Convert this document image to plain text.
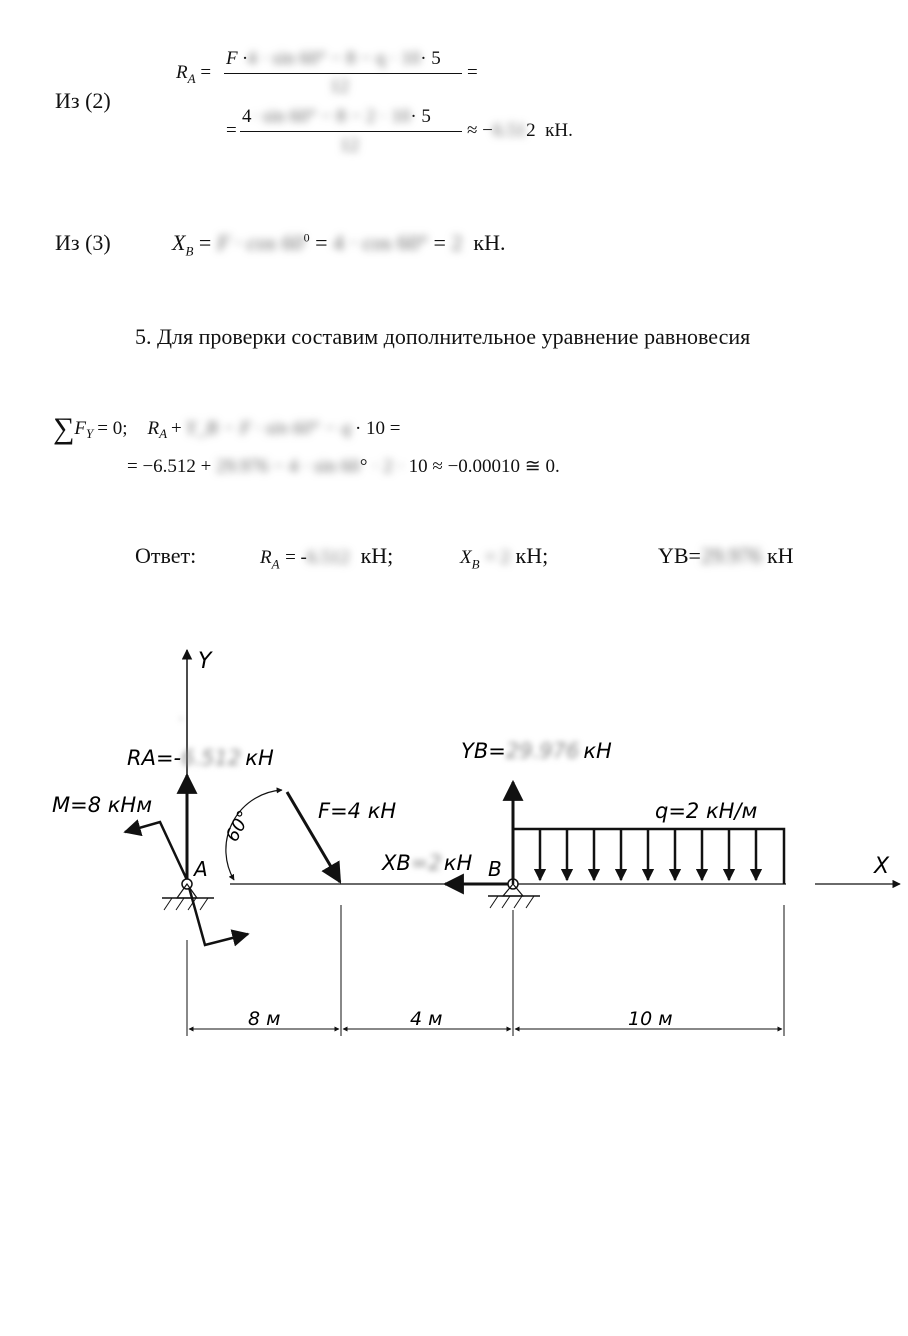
Из (2)
$R_A$ =
F ·4 · sin 60° − 8 − q · 10· 5
12
=
=
4· sin 60° − 8 − 2 · 10· 5
12
≈ −6.512 кН.
Из (3)	$X_B = F \cdot \cos 60^0 = 4 \cdot \cos 60^\circ = 2$ кН.
5. Для проверки составим дополнительное уравнение равновесия
$\sum F_Y = 0$; $R_A$ + Y_B − F · sin 60° − q · 10 =
= −6.512 + 29.976 − 4 · sin 60° · 2 · 10 ≈ −0.00010 ≅ 0.
Ответ:	$R_A = -6.512$ кН;	$X_B = 2$ кН;	YB=29.976 кН
Y
·
X
RA=-6.512 кН
M=8 кНм
A
60°	F=4 кН
XB=2кН B
YB=29.976 кН
q=2 кН/м
8 м	4 м	10 м
